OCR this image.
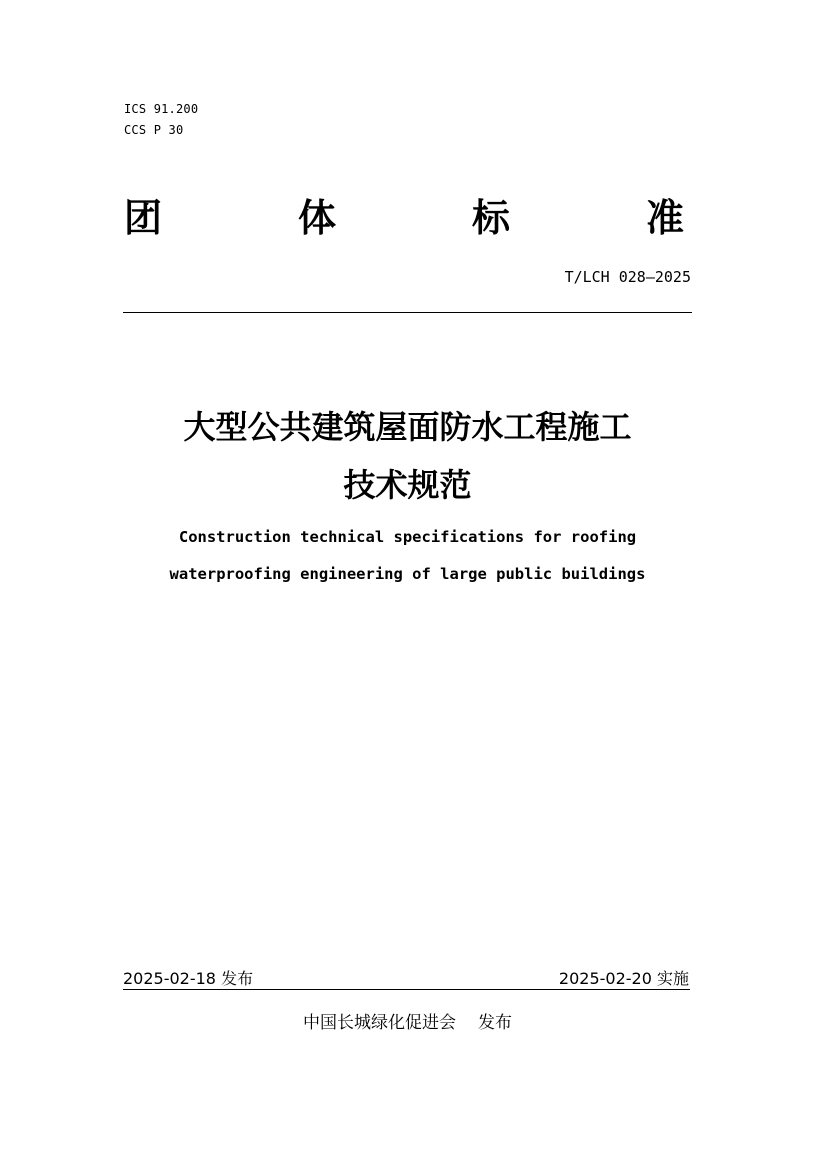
ICS 91.200
CCS P 30
团	体	标	准
T/LCH 028—2025
大型公共建筑屋面防水工程施工
技术规范
Construction technical specifications for roofing
waterproofing engineering of large public buildings
2025-02-18 发布	2025-02-20 实施
中国长城绿化促进会 发布
